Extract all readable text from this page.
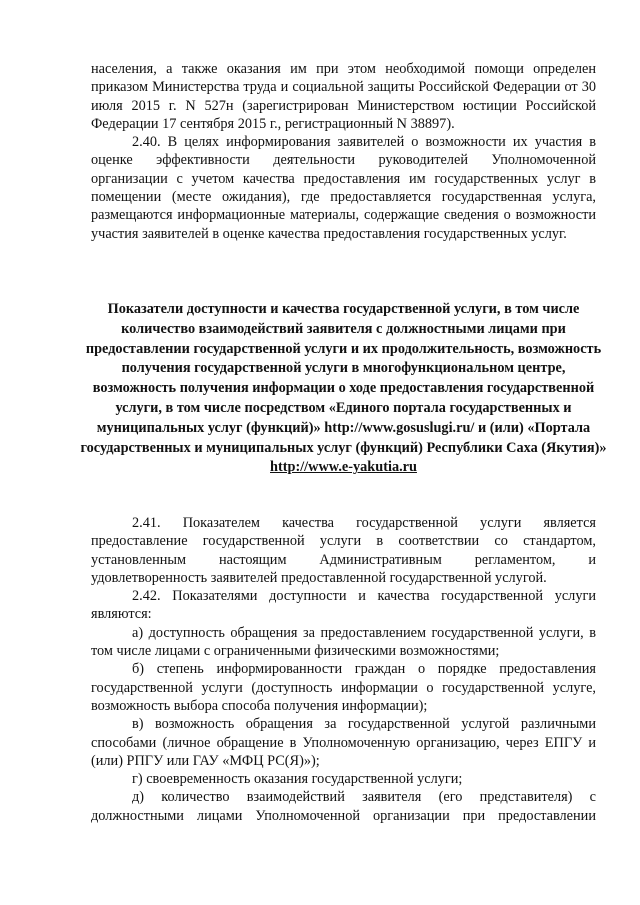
населения, а также оказания им при этом необходимой помощи определен приказом Министерства труда и социальной защиты Российской Федерации от 30 июля 2015 г. N 527н (зарегистрирован Министерством юстиции Российской Федерации 17 сентября 2015 г., регистрационный N 38897).

2.40. В целях информирования заявителей о возможности их участия в оценке эффективности деятельности руководителей Уполномоченной организации с учетом качества предоставления им государственных услуг в помещении (месте ожидания), где предоставляется государственная услуга, размещаются информационные материалы, содержащие сведения о возможности участия заявителей в оценке качества предоставления государственных услуг.

Показатели доступности и качества государственной услуги, в том числе количество взаимодействий заявителя с должностными лицами при предоставлении государственной услуги и их продолжительность, возможность получения государственной услуги в многофункциональном центре, возможность получения информации о ходе предоставления государственной услуги, в том числе посредством «Единого портала государственных и муниципальных услуг (функций)» http://www.gosuslugi.ru/ и (или) «Портала государственных и муниципальных услуг (функций) Республики Саха (Якутия)» http://www.e-yakutia.ru

2.41. Показателем качества государственной услуги является предоставление государственной услуги в соответствии со стандартом, установленным настоящим Административным регламентом, и удовлетворенность заявителей предоставленной государственной услугой.

2.42. Показателями доступности и качества государственной услуги являются:

а) доступность обращения за предоставлением государственной услуги, в том числе лицами с ограниченными физическими возможностями;

б) степень информированности граждан о порядке предоставления государственной услуги (доступность информации о государственной услуге, возможность выбора способа получения информации);

в) возможность обращения за государственной услугой различными способами (личное обращение в Уполномоченную организацию, через ЕПГУ и (или) РПГУ или ГАУ «МФЦ РС(Я)»);

г) своевременность оказания государственной услуги;

д) количество взаимодействий заявителя (его представителя) с должностными лицами Уполномоченной организации при предоставлении
